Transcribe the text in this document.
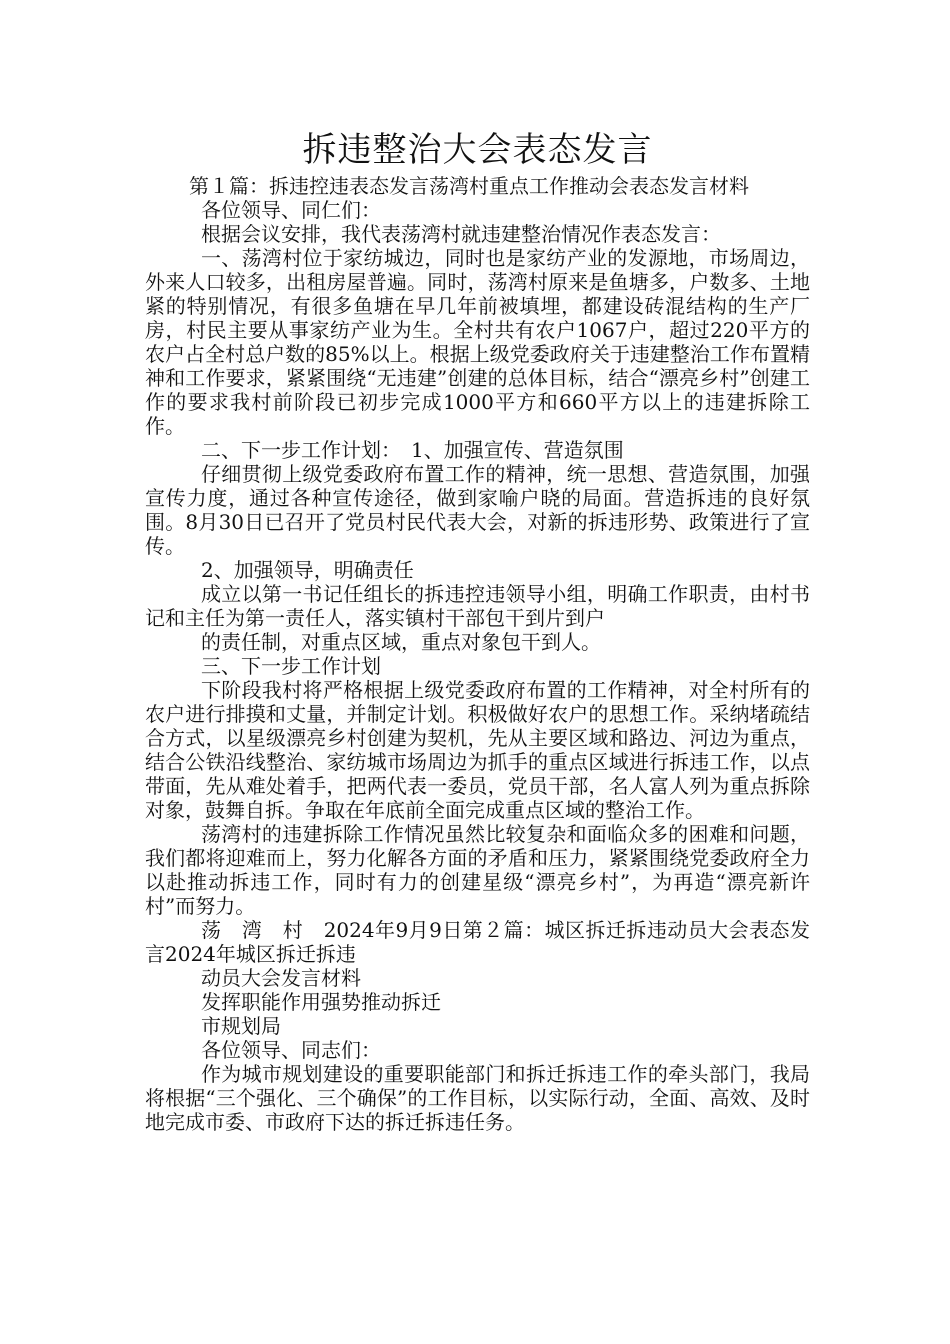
拆违整治大会表态发言

第１篇：拆违控违表态发言荡湾村重点工作推动会表态发言材料

各位领导、同仁们：

根据会议安排，我代表荡湾村就违建整治情况作表态发言：

一、荡湾村位于家纺城边，同时也是家纺产业的发源地，市场周边，外来人口较多，出租房屋普遍。同时，荡湾村原来是鱼塘多，户数多、土地紧的特别情况，有很多鱼塘在早几年前被填埋，都建设砖混结构的生产厂房，村民主要从事家纺产业为生。全村共有农户1067户，超过220平方的农户占全村总户数的85%以上。根据上级党委政府关于违建整治工作布置精神和工作要求，紧紧围绕“无违建”创建的总体目标，结合“漂亮乡村”创建工作的要求我村前阶段已初步完成1000平方和660平方以上的违建拆除工作。

二、下一步工作计划：　1、加强宣传、营造氛围

仔细贯彻上级党委政府布置工作的精神，统一思想、营造氛围，加强宣传力度，通过各种宣传途径，做到家喻户晓的局面。营造拆违的良好氛围。8月30日已召开了党员村民代表大会，对新的拆违形势、政策进行了宣传。

2、加强领导，明确责任

成立以第一书记任组长的拆违控违领导小组，明确工作职责，由村书记和主任为第一责任人，落实镇村干部包干到片到户

的责任制，对重点区域，重点对象包干到人。

三、下一步工作计划

下阶段我村将严格根据上级党委政府布置的工作精神，对全村所有的农户进行排摸和丈量，并制定计划。积极做好农户的思想工作。采纳堵疏结合方式，以星级漂亮乡村创建为契机，先从主要区域和路边、河边为重点，结合公铁沿线整治、家纺城市场周边为抓手的重点区域进行拆违工作，以点带面，先从难处着手，把两代表一委员，党员干部，名人富人列为重点拆除对象，鼓舞自拆。争取在年底前全面完成重点区域的整治工作。

荡湾村的违建拆除工作情况虽然比较复杂和面临众多的困难和问题，我们都将迎难而上，努力化解各方面的矛盾和压力，紧紧围绕党委政府全力以赴推动拆违工作，同时有力的创建星级“漂亮乡村”，为再造“漂亮新许村”而努力。

荡　湾　村　2024年9月9日第２篇：城区拆迁拆违动员大会表态发言2024年城区拆迁拆违

动员大会发言材料

发挥职能作用强势推动拆迁

市规划局

各位领导、同志们：

作为城市规划建设的重要职能部门和拆迁拆违工作的牵头部门，我局将根据“三个强化、三个确保”的工作目标，以实际行动，全面、高效、及时地完成市委、市政府下达的拆迁拆违任务。
